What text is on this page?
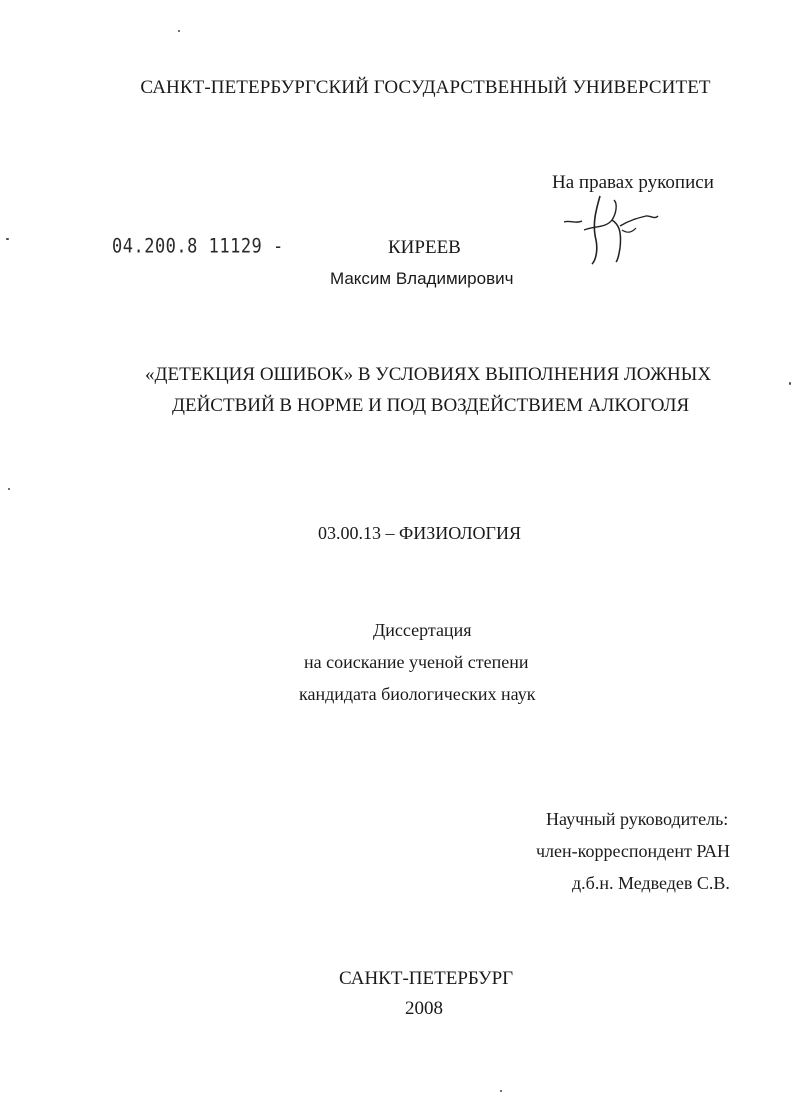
САНКТ-ПЕТЕРБУРГСКИЙ ГОСУДАРСТВЕННЫЙ УНИВЕРСИТЕТ
На правах рукописи
04.200.8 11129 -	КИРЕЕВ
Максим Владимирович
«ДЕТЕКЦИЯ ОШИБОК» В УСЛОВИЯХ ВЫПОЛНЕНИЯ ЛОЖНЫХ
ДЕЙСТВИЙ В НОРМЕ И ПОД ВОЗДЕЙСТВИЕМ АЛКОГОЛЯ
03.00.13 – ФИЗИОЛОГИЯ
Диссертация
на соискание ученой степени
кандидата биологических наук
Научный руководитель:
член-корреспондент РАН
д.б.н. Медведев С.В.
САНКТ-ПЕТЕРБУРГ
2008
